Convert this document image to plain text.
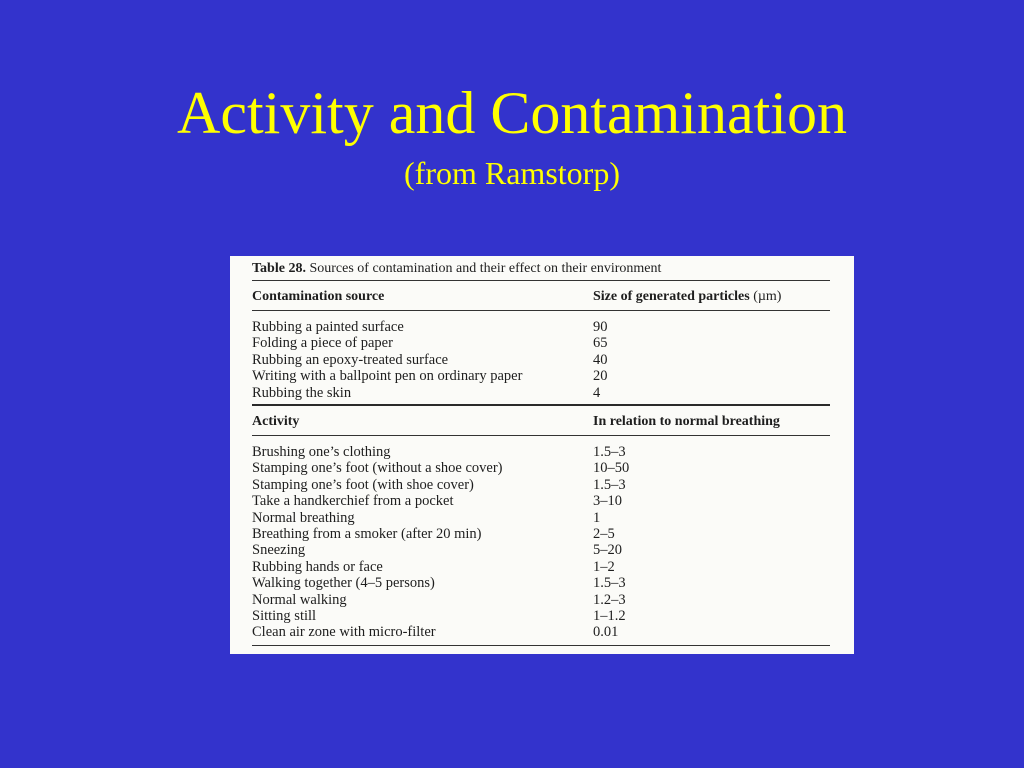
Activity and Contamination
(from Ramstorp)
Table 28. Sources of contamination and their effect on their environment
Contamination source	Size of generated particles (µm)
Rubbing a painted surface	90
Folding a piece of paper	65
Rubbing an epoxy-treated surface	40
Writing with a ballpoint pen on ordinary paper	20
Rubbing the skin	4
Activity	In relation to normal breathing
Brushing one’s clothing	1.5–3
Stamping one’s foot (without a shoe cover)	10–50
Stamping one’s foot (with shoe cover)	1.5–3
Take a handkerchief from a pocket	3–10
Normal breathing	1
Breathing from a smoker (after 20 min)	2–5
Sneezing	5–20
Rubbing hands or face	1–2
Walking together (4–5 persons)	1.5–3
Normal walking	1.2–3
Sitting still	1–1.2
Clean air zone with micro-filter	0.01
